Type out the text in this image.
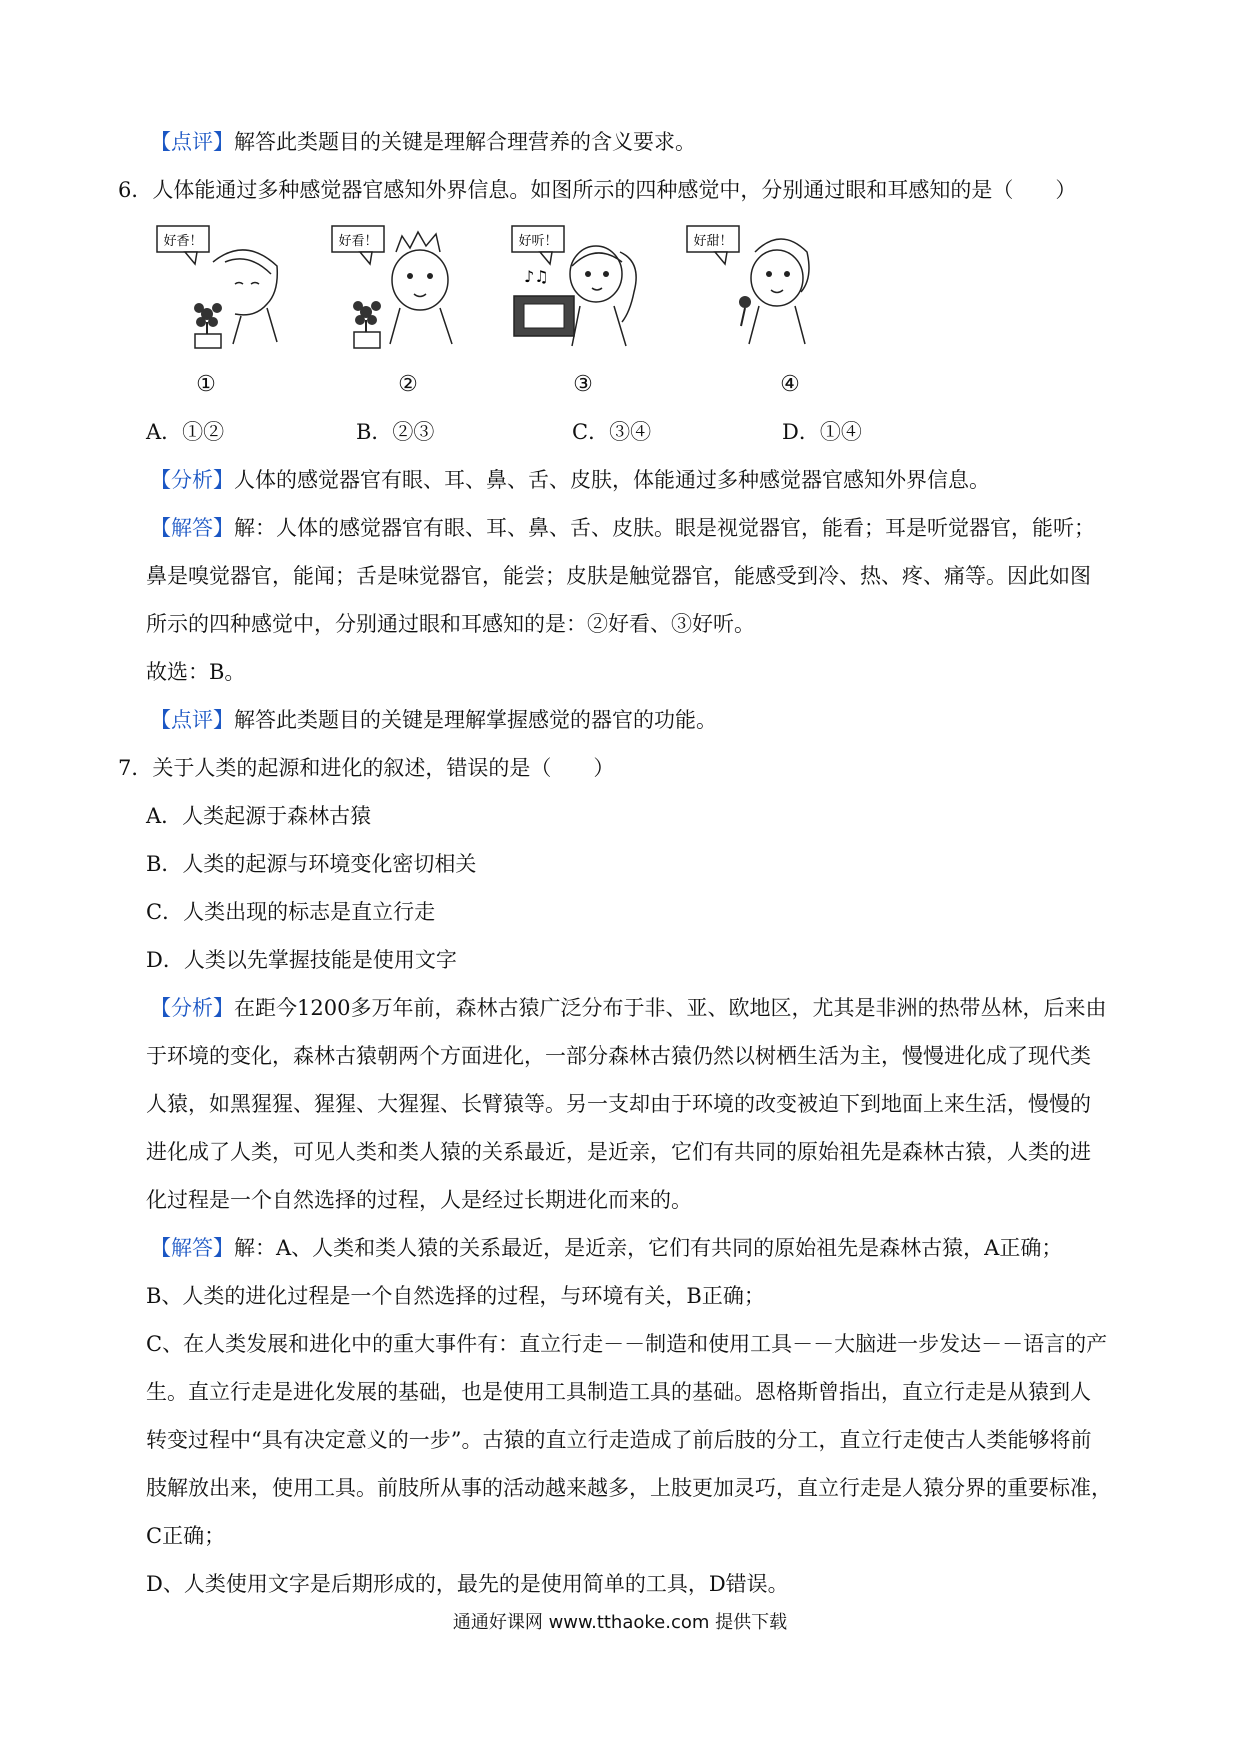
【点评】解答此类题目的关键是理解合理营养的含义要求。
6．人体能通过多种感觉器官感知外界信息。如图所示的四种感觉中，分别通过眼和耳感知的是（　　）
好香！	好看！	好听！
♪♫
好甜！
①	②	③	④
A．①②	B．②③	C．③④	D．①④
【分析】人体的感觉器官有眼、耳、鼻、舌、皮肤，体能通过多种感觉器官感知外界信息。
【解答】解：人体的感觉器官有眼、耳、鼻、舌、皮肤。眼是视觉器官，能看；耳是听觉器官，能听；
鼻是嗅觉器官，能闻；舌是味觉器官，能尝；皮肤是触觉器官，能感受到冷、热、疼、痛等。因此如图
所示的四种感觉中，分别通过眼和耳感知的是：②好看、③好听。
故选：B。
【点评】解答此类题目的关键是理解掌握感觉的器官的功能。
7．关于人类的起源和进化的叙述，错误的是（　　）
A．人类起源于森林古猿
B．人类的起源与环境变化密切相关
C．人类出现的标志是直立行走
D．人类以先掌握技能是使用文字
【分析】在距今1200多万年前，森林古猿广泛分布于非、亚、欧地区，尤其是非洲的热带丛林，后来由
于环境的变化，森林古猿朝两个方面进化，一部分森林古猿仍然以树栖生活为主，慢慢进化成了现代类
人猿，如黑猩猩、猩猩、大猩猩、长臂猿等。另一支却由于环境的改变被迫下到地面上来生活，慢慢的
进化成了人类，可见人类和类人猿的关系最近，是近亲，它们有共同的原始祖先是森林古猿，人类的进
化过程是一个自然选择的过程，人是经过长期进化而来的。
【解答】解：A、人类和类人猿的关系最近，是近亲，它们有共同的原始祖先是森林古猿，A正确；
B、人类的进化过程是一个自然选择的过程，与环境有关，B正确；
C、在人类发展和进化中的重大事件有：直立行走－－制造和使用工具－－大脑进一步发达－－语言的产
生。直立行走是进化发展的基础，也是使用工具制造工具的基础。恩格斯曾指出，直立行走是从猿到人
转变过程中“具有决定意义的一步”。古猿的直立行走造成了前后肢的分工，直立行走使古人类能够将前
肢解放出来，使用工具。前肢所从事的活动越来越多，上肢更加灵巧，直立行走是人猿分界的重要标准，
C正确；
D、人类使用文字是后期形成的，最先的是使用简单的工具，D错误。
通通好课网 www.tthaoke.com 提供下载
